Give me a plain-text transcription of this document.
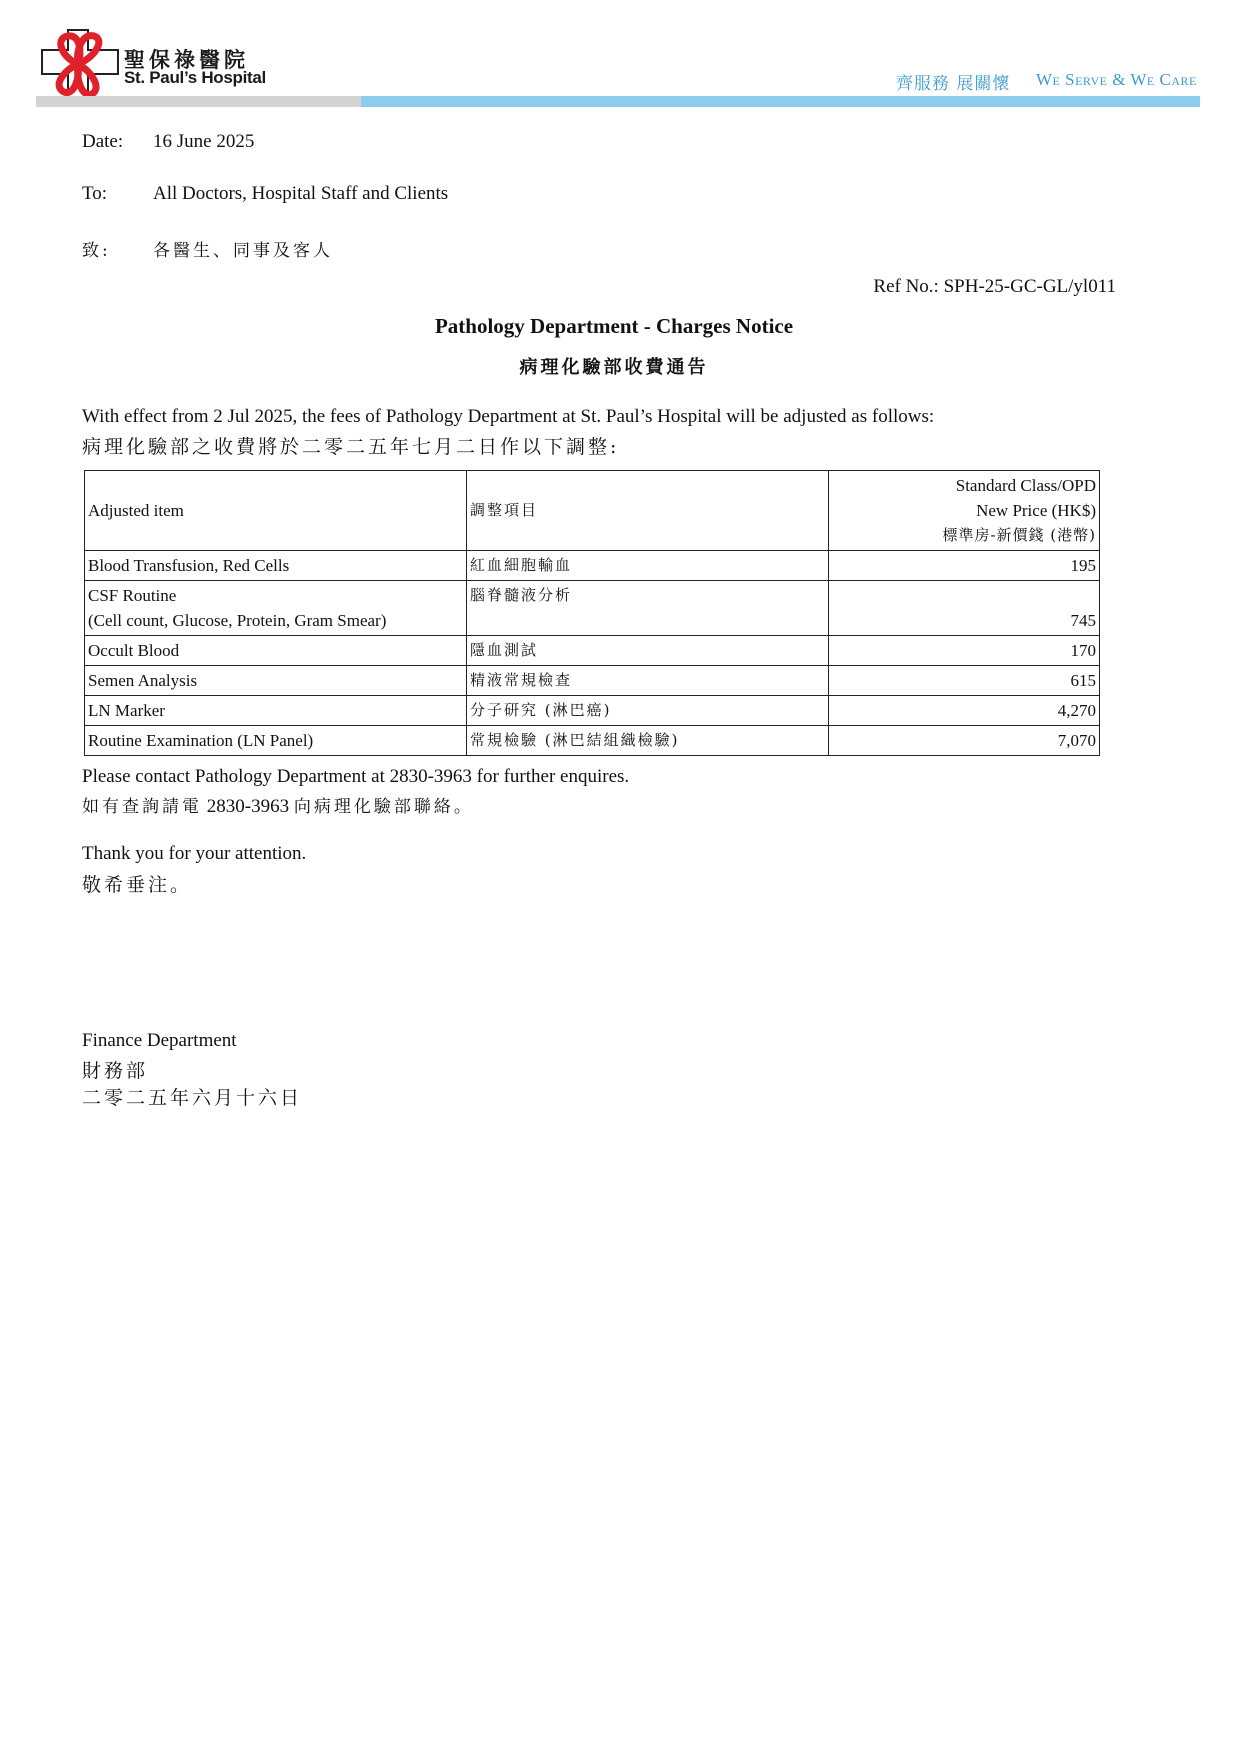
聖保祿醫院
St. Paul’s Hospital	齊服務 展關懷 We Serve & We Care
Date: 16 June 2025
To: All Doctors, Hospital Staff and Clients
致: 各醫生、同事及客人
Ref No.: SPH-25-GC-GL/yl011
Pathology Department - Charges Notice
病理化驗部收費通告
With effect from 2 Jul 2025, the fees of Pathology Department at St. Paul’s Hospital will be adjusted as follows:
病理化驗部之收費將於二零二五年七月二日作以下調整:
Adjusted item	調整項目	Standard Class/OPD
New Price (HK$)
標準房-新價錢 (港幣)

Blood Transfusion, Red Cells	紅血細胞輸血	195

CSF Routine
(Cell count, Glucose, Protein, Gram Smear)	腦脊髓液分析	745
Occult Blood	隱血測試	170
Semen Analysis	精液常規檢查	615
LN Marker	分子研究 (淋巴癌)	4,270
Routine Examination (LN Panel)	常規檢驗 (淋巴結組織檢驗)	7,070
Please contact Pathology Department at 2830-3963 for further enquires.
如有查詢請電 2830-3963 向病理化驗部聯絡。
Thank you for your attention.
敬希垂注。
Finance Department
財務部
二零二五年六月十六日
